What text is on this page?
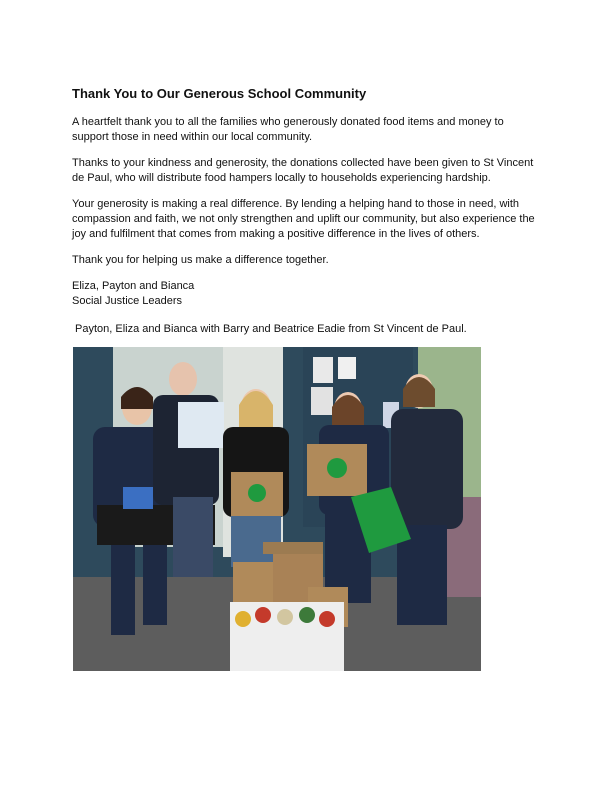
Thank You to Our Generous School Community

A heartfelt thank you to all the families who generously donated food items and money to support those in need within our local community.

Thanks to your kindness and generosity, the donations collected have been given to St Vincent de Paul, who will distribute food hampers locally to households experiencing hardship.

Your generosity is making a real difference. By lending a helping hand to those in need, with compassion and faith, we not only strengthen and uplift our community, but also experience the joy and fulfilment that comes from making a positive difference in the lives of others.

Thank you for helping us make a difference together.

Eliza, Payton and Bianca
Social Justice Leaders

Payton, Eliza and Bianca with Barry and Beatrice Eadie from St Vincent de Paul.
